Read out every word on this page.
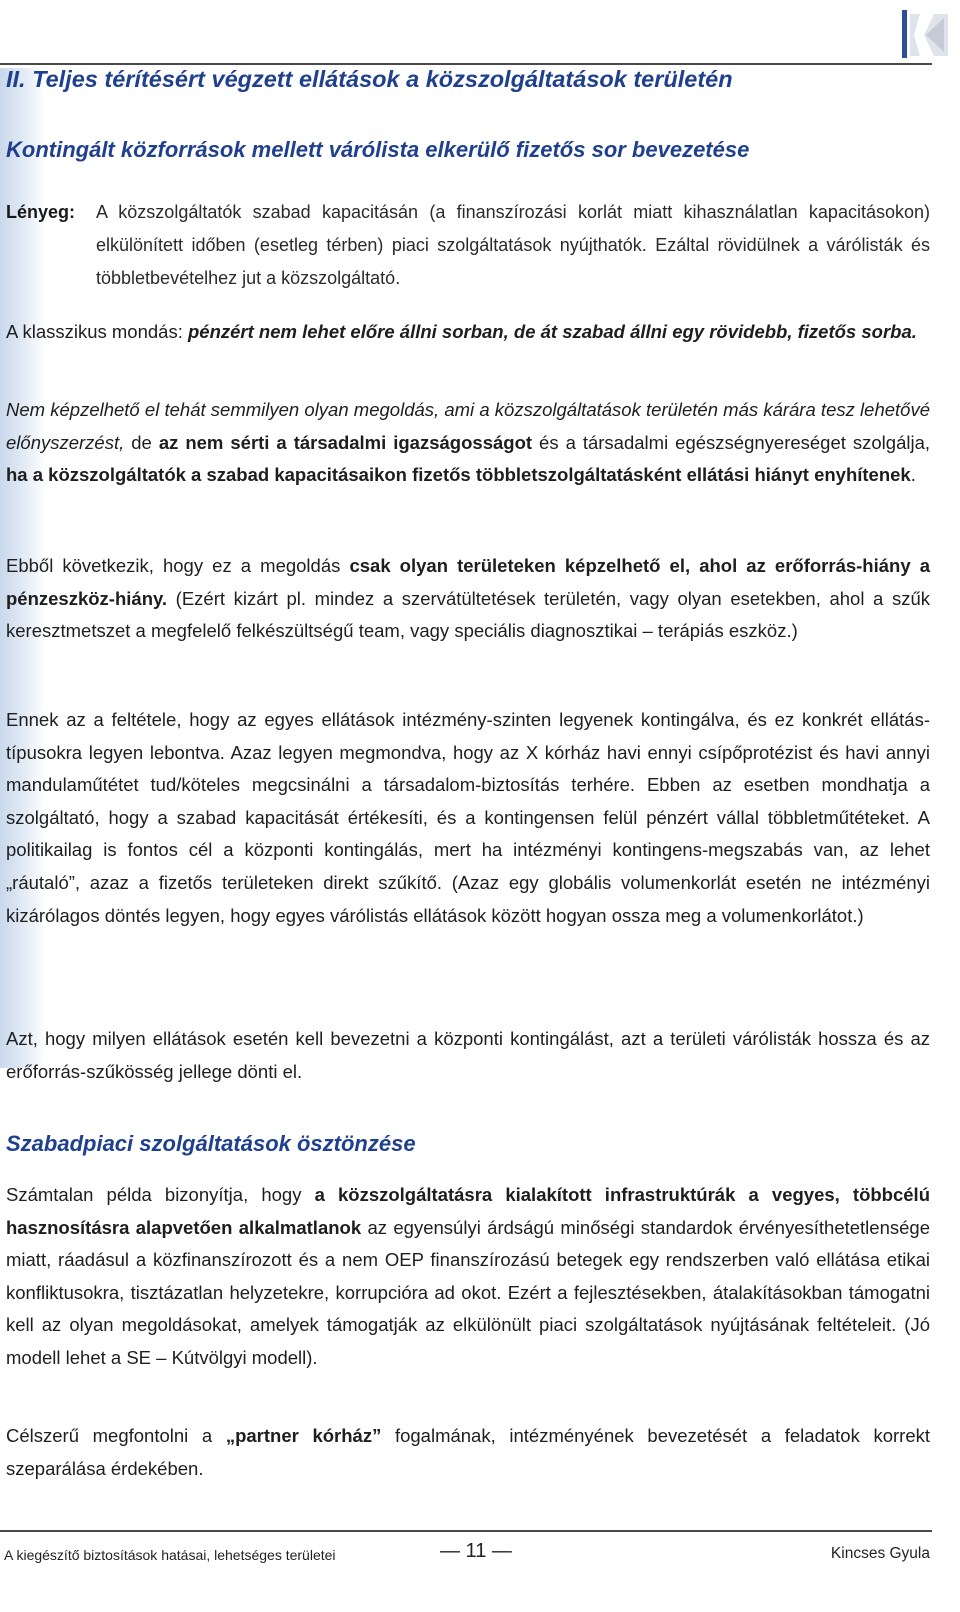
II. Teljes térítésért végzett ellátások a közszolgáltatások területén
Kontingált közforrások mellett várólista elkerülő fizetős sor bevezetése
Lényeg: A közszolgáltatók szabad kapacitásán (a finanszírozási korlát miatt kihasználatlan kapacitásokon) elkülönített időben (esetleg térben) piaci szolgáltatások nyújthatók. Ezáltal rövidülnek a várólisták és többletbevételhez jut a közszolgáltató.
A klasszikus mondás: pénzért nem lehet előre állni sorban, de át szabad állni egy rövidebb, fizetős sorba.
Nem képzelhető el tehát semmilyen olyan megoldás, ami a közszolgáltatások területén más kárára tesz lehetővé előnyszerzést, de az nem sérti a társadalmi igazságosságot és a társadalmi egészségnyereséget szolgálja, ha a közszolgáltatók a szabad kapacitásaikon fizetős többletszolgáltatásként ellátási hiányt enyhítenek.
Ebből következik, hogy ez a megoldás csak olyan területeken képzelhető el, ahol az erőforrás-hiány a pénzeszköz-hiány. (Ezért kizárt pl. mindez a szervátültetések területén, vagy olyan esetekben, ahol a szűk keresztmetszet a megfelelő felkészültségű team, vagy speciális diagnosztikai – terápiás eszköz.)
Ennek az a feltétele, hogy az egyes ellátások intézmény-szinten legyenek kontingálva, és ez konkrét ellátás-típusokra legyen lebontva. Azaz legyen megmondva, hogy az X kórház havi ennyi csípőprotézist és havi annyi mandulaműtétet tud/köteles megcsinálni a társadalom-biztosítás terhére. Ebben az esetben mondhatja a szolgáltató, hogy a szabad kapacitását értékesíti, és a kontingensen felül pénzért vállal többletműtéteket. A politikailag is fontos cél a központi kontingálás, mert ha intézményi kontingens-megszabás van, az lehet „ráutaló”, azaz a fizetős területeken direkt szűkítő. (Azaz egy globális volumenkorlát esetén ne intézményi kizárólagos döntés legyen, hogy egyes várólistás ellátások között hogyan ossza meg a volumenkorlátot.)
Azt, hogy milyen ellátások esetén kell bevezetni a központi kontingálást, azt a területi várólisták hossza és az erőforrás-szűkösség jellege dönti el.
Szabadpiaci szolgáltatások ösztönzése
Számtalan példa bizonyítja, hogy a közszolgáltatásra kialakított infrastruktúrák a vegyes, többcélú hasznosításra alapvetően alkalmatlanok az egyensúlyi árdságú minőségi standardok érvényesíthetetlensége miatt, ráadásul a közfinanszírozott és a nem OEP finanszírozású betegek egy rendszerben való ellátása etikai konfliktusokra, tisztázatlan helyzetekre, korrupcióra ad okot. Ezért a fejlesztésekben, átalakításokban támogatni kell az olyan megoldásokat, amelyek támogatják az elkülönült piaci szolgáltatások nyújtásának feltételeit. (Jó modell lehet a SE – Kútvölgyi modell).
Célszerű megfontolni a „partner kórház” fogalmának, intézményének bevezetését a feladatok korrekt szeparálása érdekében.
A kiegészítő biztosítások hatásai, lehetséges területei	— 11 —	Kincses Gyula
